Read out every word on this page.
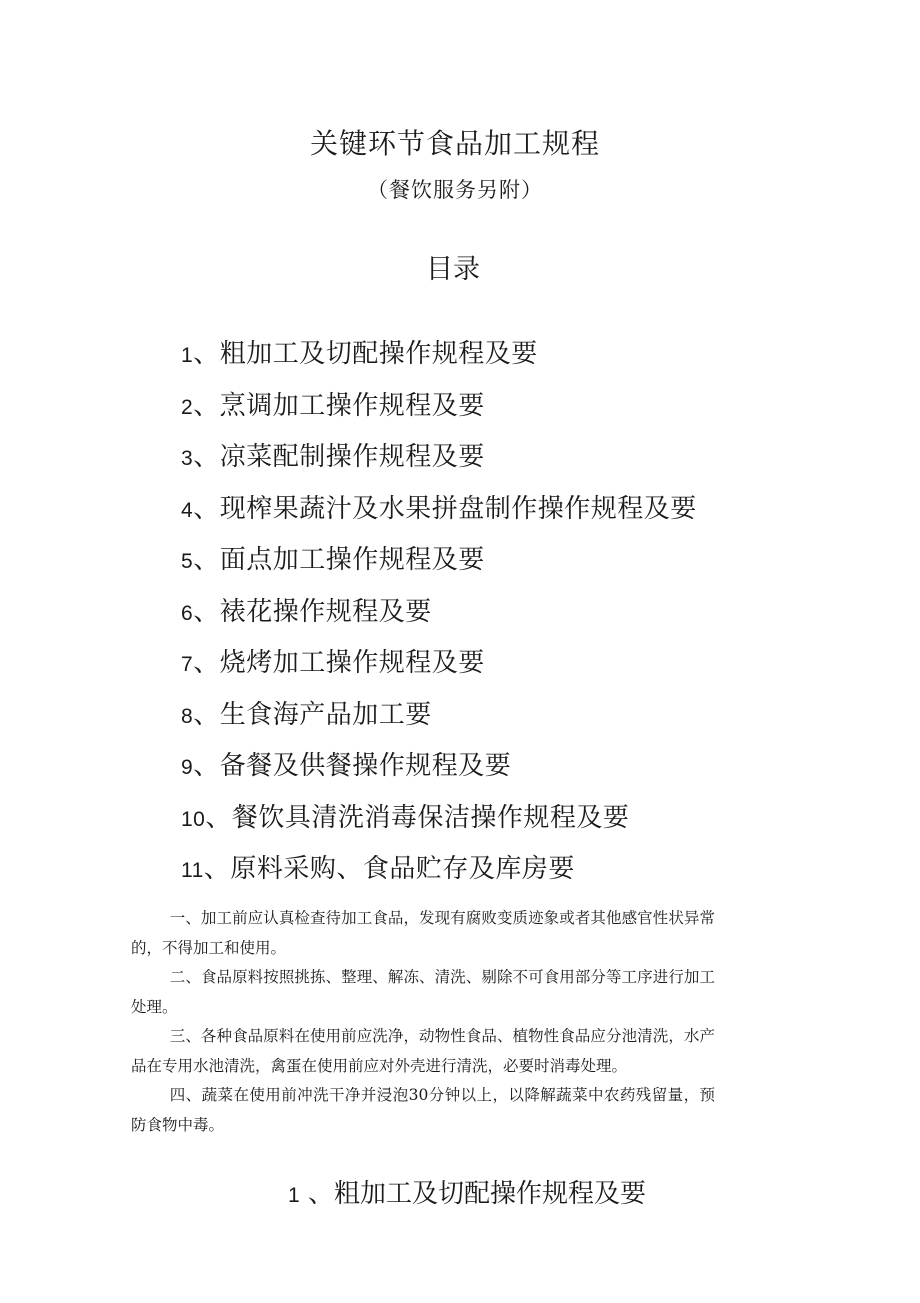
关键环节食品加工规程
（餐饮服务另附）
目录
1、粗加工及切配操作规程及要
2、烹调加工操作规程及要
3、凉菜配制操作规程及要
4、现榨果蔬汁及水果拼盘制作操作规程及要
5、面点加工操作规程及要
6、裱花操作规程及要
7、烧烤加工操作规程及要
8、生食海产品加工要
9、备餐及供餐操作规程及要
10、餐饮具清洗消毒保洁操作规程及要
11、原料采购、食品贮存及库房要

一、加工前应认真检查待加工食品，发现有腐败变质迹象或者其他感官性状异常的，不得加工和使用。

二、食品原料按照挑拣、整理、解冻、清洗、剔除不可食用部分等工序进行加工处理。

三、各种食品原料在使用前应洗净，动物性食品、植物性食品应分池清洗，水产品在专用水池清洗，禽蛋在使用前应对外壳进行清洗，必要时消毒处理。

四、蔬菜在使用前冲洗干净并浸泡30分钟以上，以降解蔬菜中农药残留量，预防食物中毒。

1 、粗加工及切配操作规程及要
